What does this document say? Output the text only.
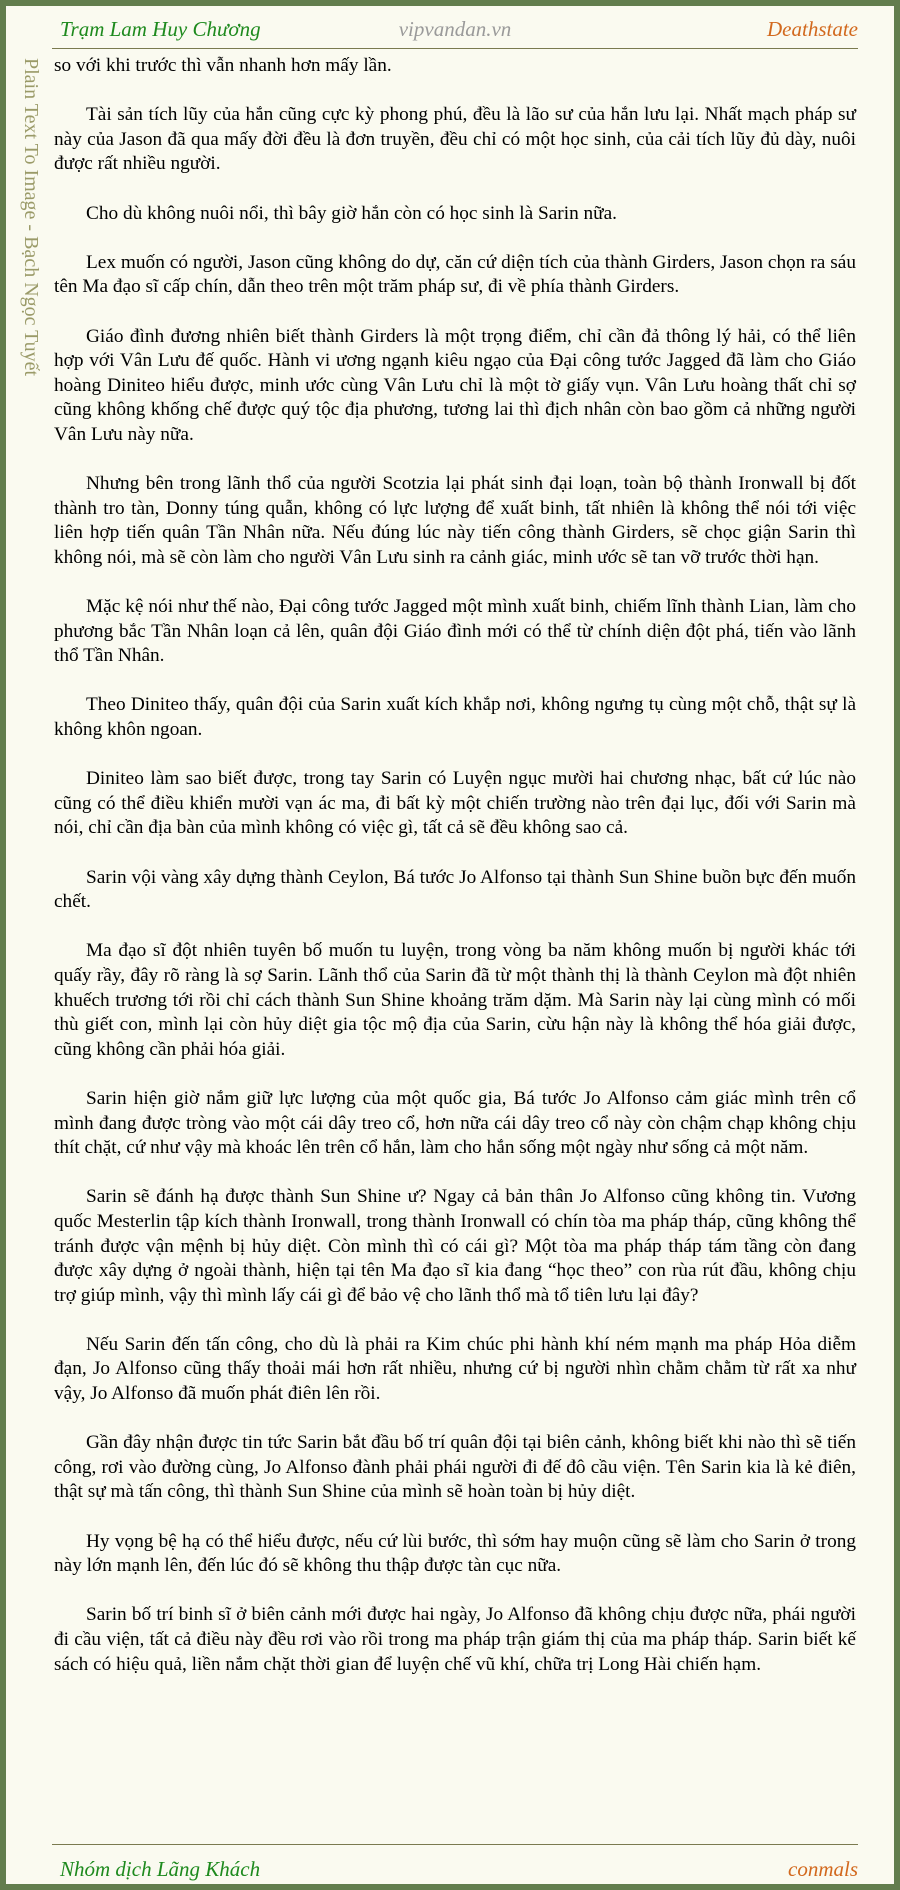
Trạm Lam Huy Chương	vipvandan.vn	Deathstate
Plain Text To Image - Bạch Ngọc Tuyết so với khi trước thì vẫn nhanh hơn mấy lần.

Tài sản tích lũy của hắn cũng cực kỳ phong phú, đều là lão sư của hắn lưu lại. Nhất mạch pháp sư này của Jason đã qua mấy đời đều là đơn truyền, đều chỉ có một học sinh, của cải tích lũy đủ dày, nuôi được rất nhiều người.

Cho dù không nuôi nổi, thì bây giờ hắn còn có học sinh là Sarin nữa.

Lex muốn có người, Jason cũng không do dự, căn cứ diện tích của thành Girders, Jason chọn ra sáu tên Ma đạo sĩ cấp chín, dẫn theo trên một trăm pháp sư, đi về phía thành Girders.

Giáo đình đương nhiên biết thành Girders là một trọng điểm, chỉ cần đả thông lý hải, có thể liên hợp với Vân Lưu đế quốc. Hành vi ương ngạnh kiêu ngạo của Đại công tước Jagged đã làm cho Giáo hoàng Diniteo hiểu được, minh ước cùng Vân Lưu chỉ là một tờ giấy vụn. Vân Lưu hoàng thất chỉ sợ cũng không khống chế được quý tộc địa phương, tương lai thì địch nhân còn bao gồm cả những người Vân Lưu này nữa.

Nhưng bên trong lãnh thổ của người Scotzia lại phát sinh đại loạn, toàn bộ thành Ironwall bị đốt thành tro tàn, Donny túng quẫn, không có lực lượng để xuất binh, tất nhiên là không thể nói tới việc liên hợp tiến quân Tần Nhân nữa. Nếu đúng lúc này tiến công thành Girders, sẽ chọc giận Sarin thì không nói, mà sẽ còn làm cho người Vân Lưu sinh ra cảnh giác, minh ước sẽ tan vỡ trước thời hạn.

Mặc kệ nói như thế nào, Đại công tước Jagged một mình xuất binh, chiếm lĩnh thành Lian, làm cho phương bắc Tần Nhân loạn cả lên, quân đội Giáo đình mới có thể từ chính diện đột phá, tiến vào lãnh thổ Tần Nhân.

Theo Diniteo thấy, quân đội của Sarin xuất kích khắp nơi, không ngưng tụ cùng một chỗ, thật sự là không khôn ngoan.

Diniteo làm sao biết được, trong tay Sarin có Luyện ngục mười hai chương nhạc, bất cứ lúc nào cũng có thể điều khiển mười vạn ác ma, đi bất kỳ một chiến trường nào trên đại lục, đối với Sarin mà nói, chỉ cần địa bàn của mình không có việc gì, tất cả sẽ đều không sao cả.

Sarin vội vàng xây dựng thành Ceylon, Bá tước Jo Alfonso tại thành Sun Shine buồn bực đến muốn chết.

Ma đạo sĩ đột nhiên tuyên bố muốn tu luyện, trong vòng ba năm không muốn bị người khác tới quấy rầy, đây rõ ràng là sợ Sarin. Lãnh thổ của Sarin đã từ một thành thị là thành Ceylon mà đột nhiên khuếch trương tới rồi chỉ cách thành Sun Shine khoảng trăm dặm. Mà Sarin này lại cùng mình có mối thù giết con, mình lại còn hủy diệt gia tộc mộ địa của Sarin, cừu hận này là không thể hóa giải được, cũng không cần phải hóa giải.

Sarin hiện giờ nắm giữ lực lượng của một quốc gia, Bá tước Jo Alfonso cảm giác mình trên cổ mình đang được tròng vào một cái dây treo cổ, hơn nữa cái dây treo cổ này còn chậm chạp không chịu thít chặt, cứ như vậy mà khoác lên trên cổ hắn, làm cho hắn sống một ngày như sống cả một năm.

Sarin sẽ đánh hạ được thành Sun Shine ư? Ngay cả bản thân Jo Alfonso cũng không tin. Vương quốc Mesterlin tập kích thành Ironwall, trong thành Ironwall có chín tòa ma pháp tháp, cũng không thể tránh được vận mệnh bị hủy diệt. Còn mình thì có cái gì? Một tòa ma pháp tháp tám tầng còn đang được xây dựng ở ngoài thành, hiện tại tên Ma đạo sĩ kia đang “học theo” con rùa rút đầu, không chịu trợ giúp mình, vậy thì mình lấy cái gì để bảo vệ cho lãnh thổ mà tổ tiên lưu lại đây?

Nếu Sarin đến tấn công, cho dù là phải ra Kim chúc phi hành khí ném mạnh ma pháp Hỏa diễm đạn, Jo Alfonso cũng thấy thoải mái hơn rất nhiều, nhưng cứ bị người nhìn chằm chằm từ rất xa như vậy, Jo Alfonso đã muốn phát điên lên rồi.

Gần đây nhận được tin tức Sarin bắt đầu bố trí quân đội tại biên cảnh, không biết khi nào thì sẽ tiến công, rơi vào đường cùng, Jo Alfonso đành phải phái người đi đế đô cầu viện. Tên Sarin kia là kẻ điên, thật sự mà tấn công, thì thành Sun Shine của mình sẽ hoàn toàn bị hủy diệt.

Hy vọng bệ hạ có thể hiểu được, nếu cứ lùi bước, thì sớm hay muộn cũng sẽ làm cho Sarin ở trong này lớn mạnh lên, đến lúc đó sẽ không thu thập được tàn cục nữa.

Sarin bố trí binh sĩ ở biên cảnh mới được hai ngày, Jo Alfonso đã không chịu được nữa, phái người đi cầu viện, tất cả điều này đều rơi vào rồi trong ma pháp trận giám thị của ma pháp tháp. Sarin biết kế sách có hiệu quả, liền nắm chặt thời gian để luyện chế vũ khí, chữa trị Long Hài chiến hạm.

Nhóm dịch Lãng Khách	conmals
